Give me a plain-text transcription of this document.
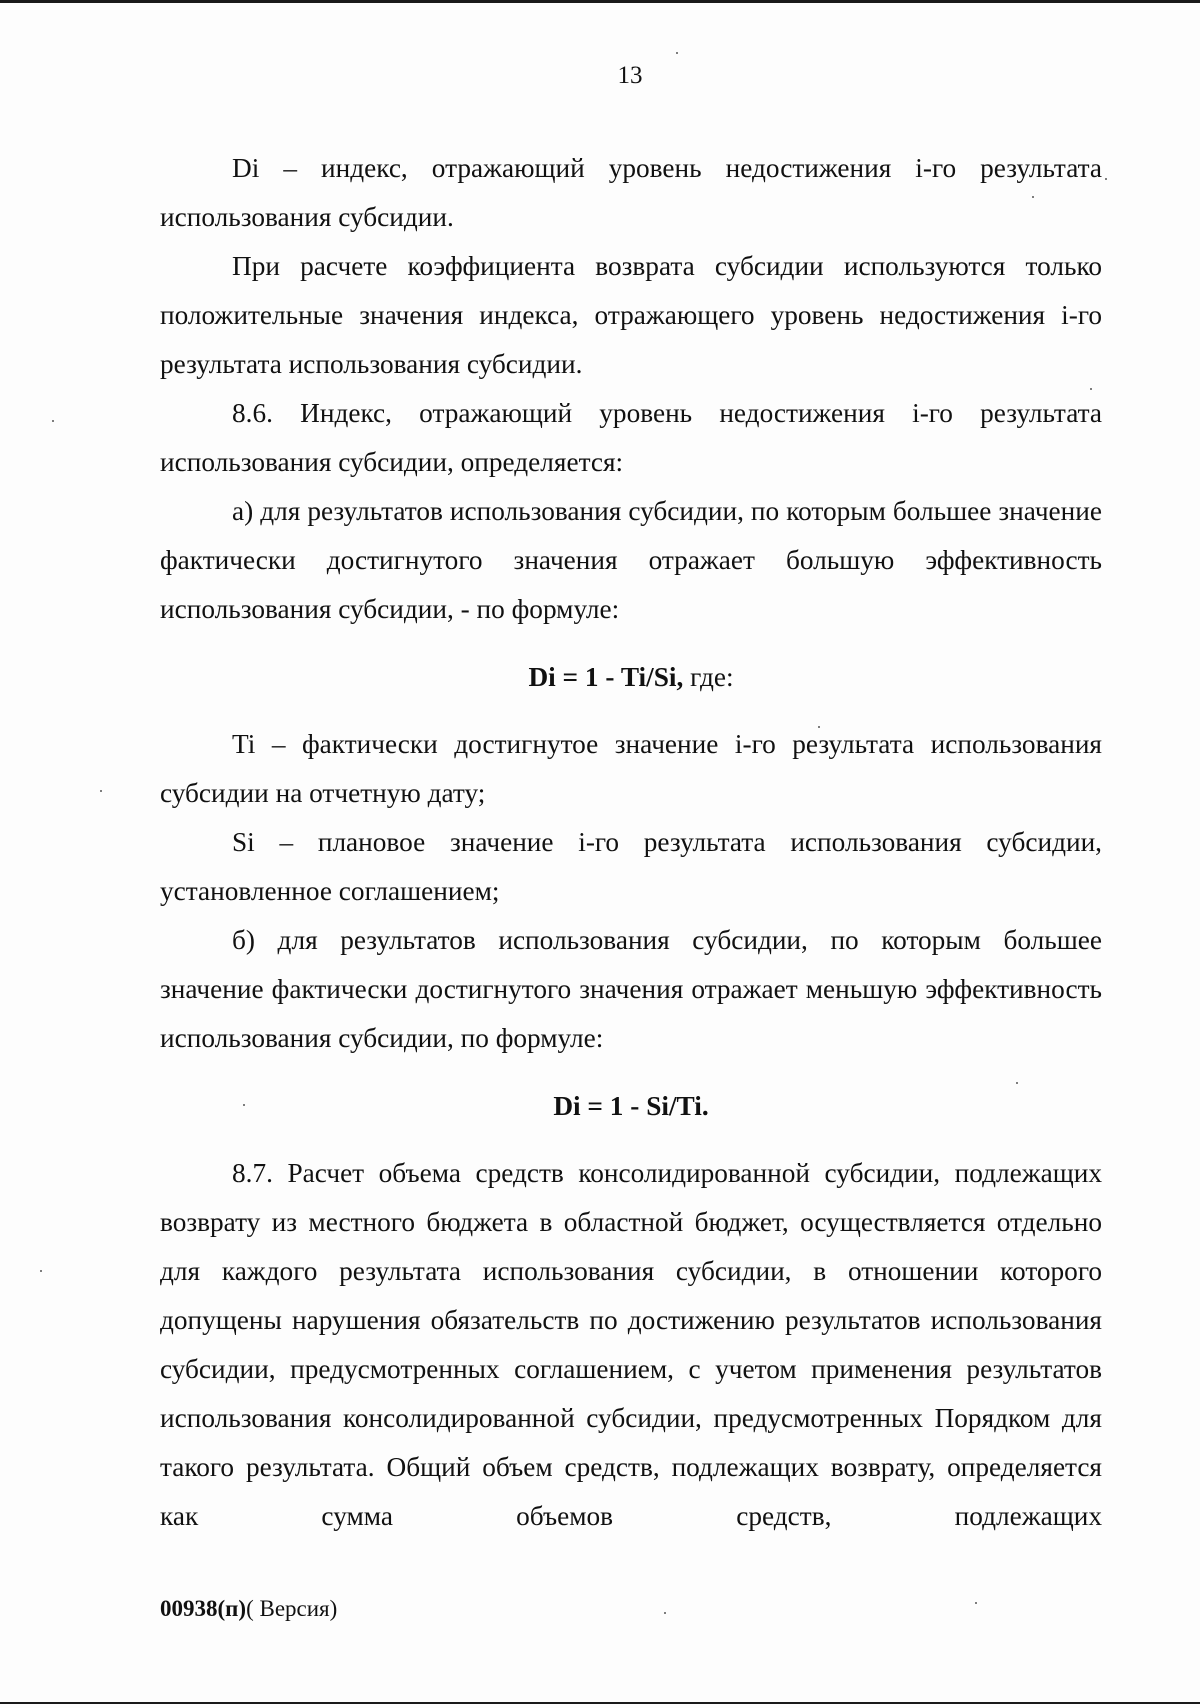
13

Di – индекс, отражающий уровень недостижения i-го результата использования субсидии.

При расчете коэффициента возврата субсидии используются только положительные значения индекса, отражающего уровень недостижения i-го результата использования субсидии.

8.6. Индекс, отражающий уровень недостижения i-го результата использования субсидии, определяется:

а) для результатов использования субсидии, по которым большее значение фактически достигнутого значения отражает большую эффективность использования субсидии, - по формуле:

Di = 1 - Ti/Si, где:

Ti – фактически достигнутое значение i-го результата использования субсидии на отчетную дату;

Si – плановое значение i-го результата использования субсидии, установленное соглашением;

б) для результатов использования субсидии, по которым большее значение фактически достигнутого значения отражает меньшую эффективность использования субсидии, по формуле:

Di = 1 - Si/Ti.

8.7. Расчет объема средств консолидированной субсидии, подлежащих возврату из местного бюджета в областной бюджет, осуществляется отдельно для каждого результата использования субсидии, в отношении которого допущены нарушения обязательств по достижению результатов использования субсидии, предусмотренных соглашением, с учетом применения результатов использования консолидированной субсидии, предусмотренных Порядком для такого результата. Общий объем средств, подлежащих возврату, определяется как сумма объемов средств, подлежащих

00938(п)( Версия)
